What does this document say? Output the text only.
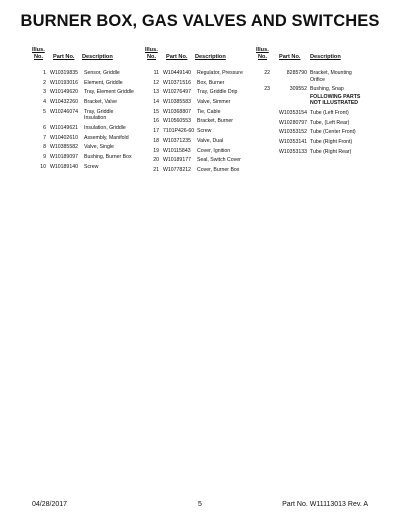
BURNER BOX, GAS VALVES AND SWITCHES
Illus.
No. Part No. Description
1 W10319835	Sensor, Griddle
2 W10193016	Element, Griddle
3 W10149620	Tray, Element Griddle
4 W10432260	Bracket, Valve
5 W10246074	Tray, Griddle Insulation
6 W10149621	Insulation, Griddle
7 W10402610	Assembly, Manifold
8 W10385582	Valve, Single
9 W10189097	Bushing, Burner Box
10 W10189140	Screw
Illus.
No. Part No. Description
11 W10449140	Regulator, Pressure
12 W10371516	Box, Burner
13 W10276497	Tray, Griddle Drip
14 W10385583	Valve, Simmer
15 W10368807	Tie, Cable
16 W10560553	Bracket, Burner
17 7101P426-60 Screw
18 W10371235	Valve, Dual
19 W10115843	Cover, Ignition
20 W10189177	Seal, Switch Cover
21 W10778212	Cover, Burner Box
Illus.
No. Part No. Description
22	8285790 Bracket, Mounting Orifice
23	309552 Bushing, Snap
FOLLOWING PARTS NOT ILLUSTRATED
W10353154 Tube (Left Front)
W10280797 Tube, (Left Rear)
W10353152 Tube (Center Front)
W10353141 Tube (Right Front)
W10353133 Tube (Right Rear)
04/28/2017	5	Part No. W11113013 Rev. A
